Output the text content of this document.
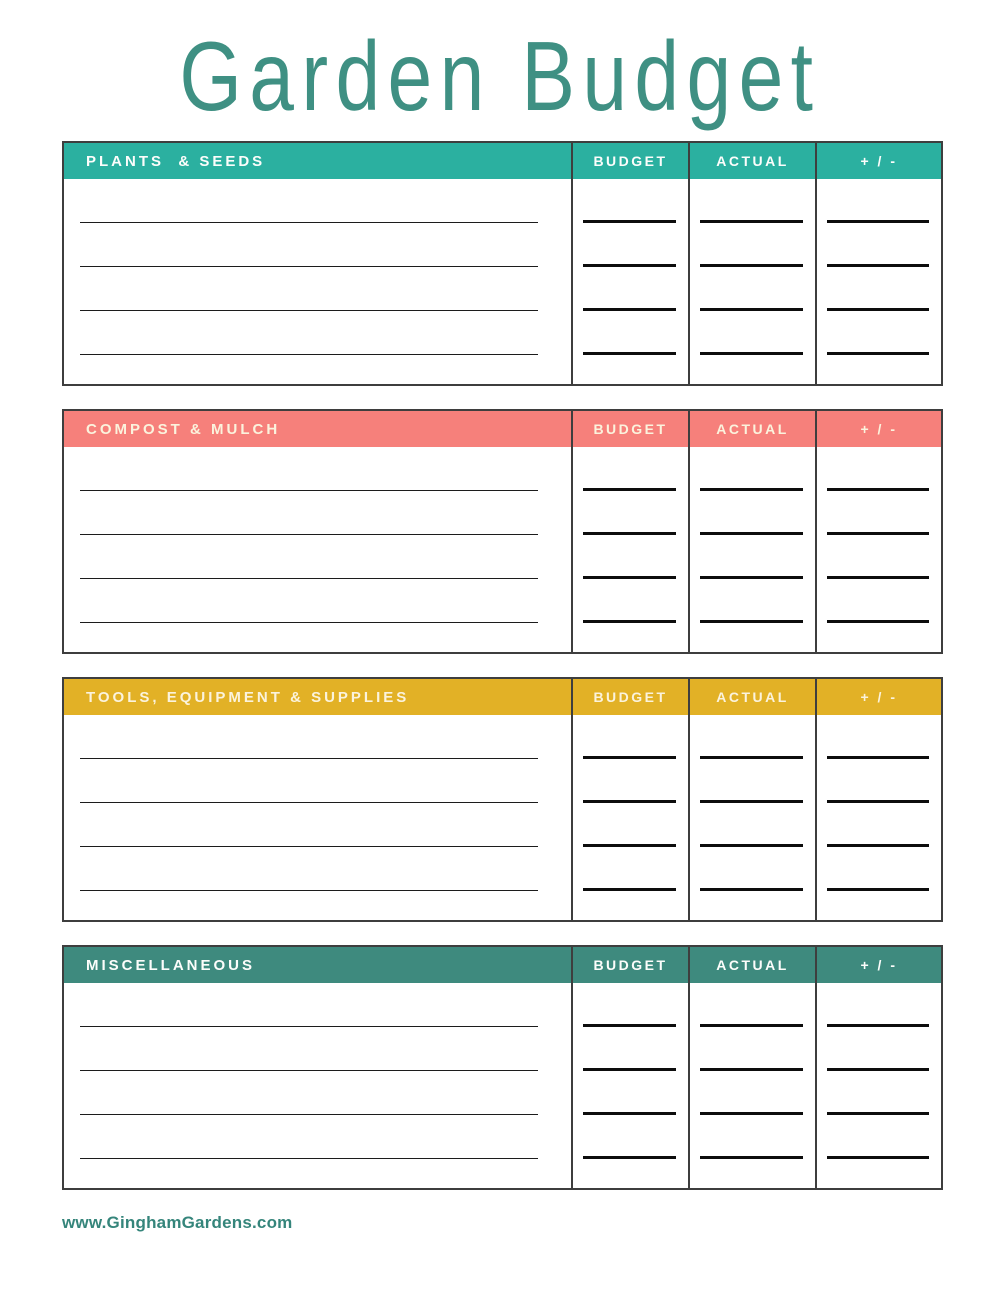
Garden Budget
PLANTS  & SEEDS	BUDGET	ACTUAL	+ / -
COMPOST & MULCH	BUDGET	ACTUAL	+ / -
TOOLS, EQUIPMENT & SUPPLIES	BUDGET	ACTUAL	+ / -
MISCELLANEOUS	BUDGET	ACTUAL	+ / -
www.GinghamGardens.com
